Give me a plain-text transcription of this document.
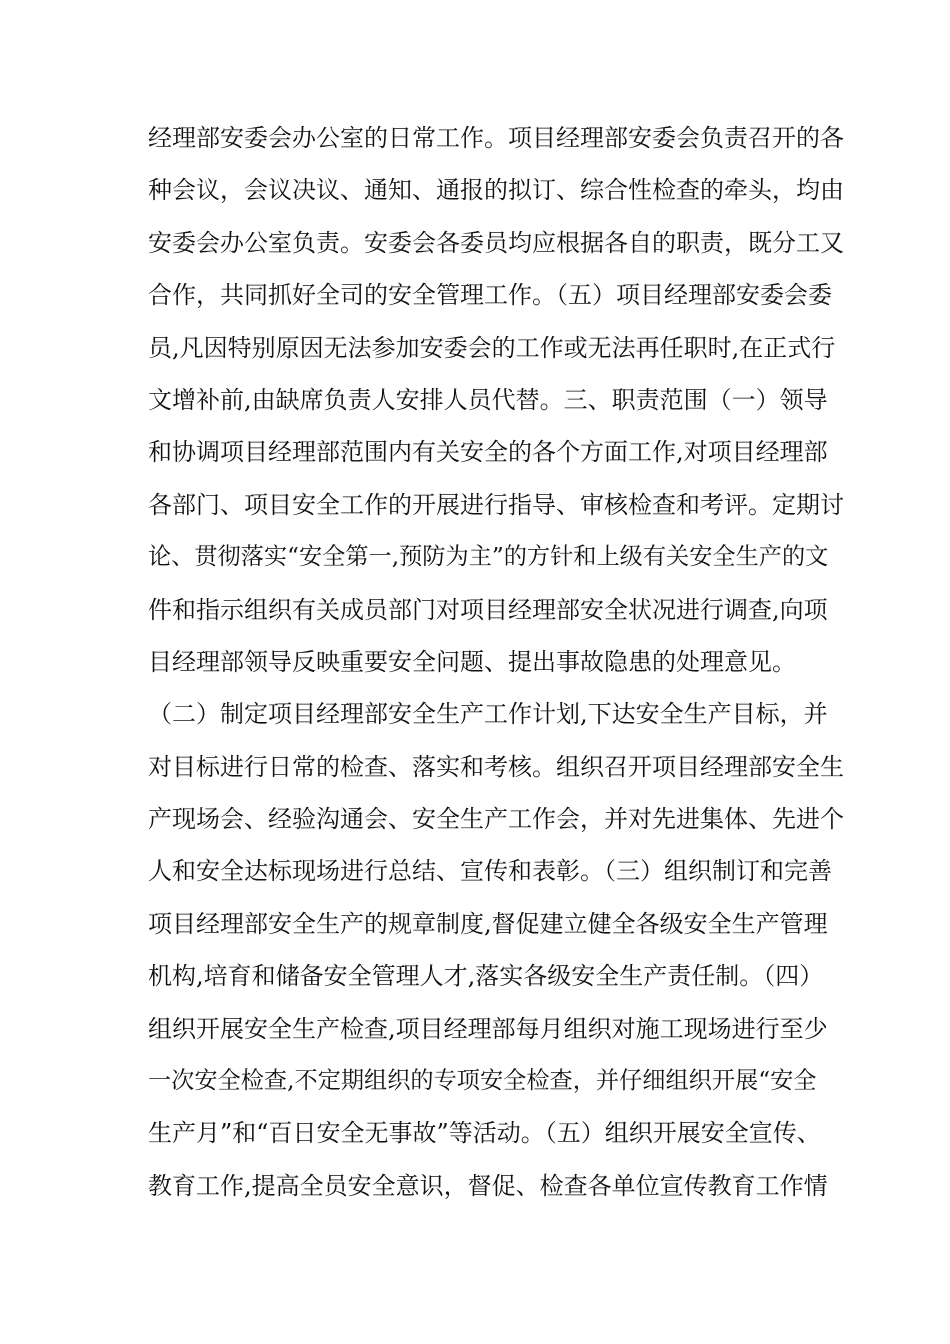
经理部安委会办公室的日常工作。项目经理部安委会负责召开的各
种会议，会议决议、通知、通报的拟订、综合性检查的牵头，均由
安委会办公室负责。安委会各委员均应根据各自的职责，既分工又
合作，共同抓好全司的安全管理工作。（五）项目经理部安委会委
员,凡因特别原因无法参加安委会的工作或无法再任职时,在正式行
文增补前,由缺席负责人安排人员代替。三、职责范围（一）领导
和协调项目经理部范围内有关安全的各个方面工作,对项目经理部
各部门、项目安全工作的开展进行指导、审核检查和考评。定期讨
论、贯彻落实“安全第一,预防为主”的方针和上级有关安全生产的文
件和指示组织有关成员部门对项目经理部安全状况进行调查,向项
目经理部领导反映重要安全问题、提出事故隐患的处理意见。
（二）制定项目经理部安全生产工作计划,下达安全生产目标，并
对目标进行日常的检查、落实和考核。组织召开项目经理部安全生
产现场会、经验沟通会、安全生产工作会，并对先进集体、先进个
人和安全达标现场进行总结、宣传和表彰。（三）组织制订和完善
项目经理部安全生产的规章制度,督促建立健全各级安全生产管理
机构,培育和储备安全管理人才,落实各级安全生产责任制。（四）
组织开展安全生产检查,项目经理部每月组织对施工现场进行至少
一次安全检查,不定期组织的专项安全检查，并仔细组织开展“安全
生产月”和“百日安全无事故”等活动。（五）组织开展安全宣传、
教育工作,提高全员安全意识，督促、检查各单位宣传教育工作情
